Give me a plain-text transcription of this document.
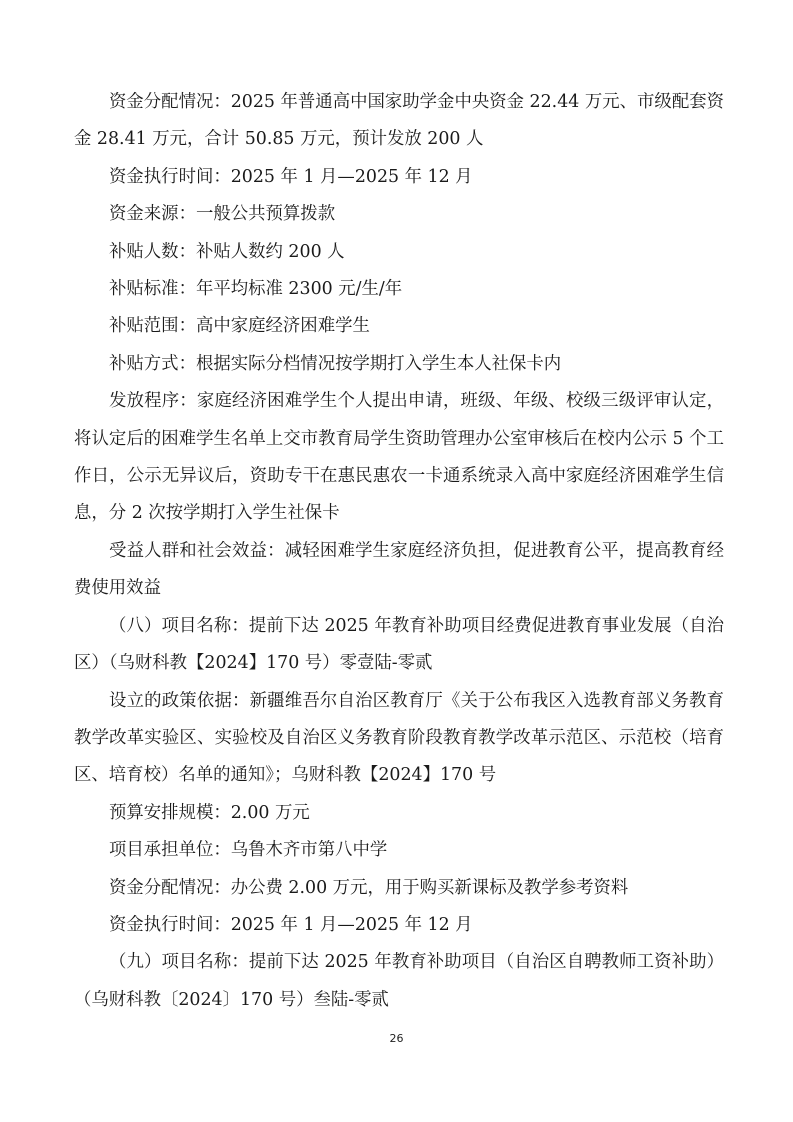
资金分配情况：2025 年普通高中国家助学金中央资金 22.44 万元、市级配套资金 28.41 万元，合计 50.85 万元，预计发放 200 人

资金执行时间：2025 年 1 月—2025 年 12 月

资金来源：一般公共预算拨款

补贴人数：补贴人数约 200 人

补贴标准：年平均标准 2300 元/生/年

补贴范围：高中家庭经济困难学生

补贴方式：根据实际分档情况按学期打入学生本人社保卡内

发放程序：家庭经济困难学生个人提出申请，班级、年级、校级三级评审认定，将认定后的困难学生名单上交市教育局学生资助管理办公室审核后在校内公示 5 个工作日，公示无异议后，资助专干在惠民惠农一卡通系统录入高中家庭经济困难学生信息，分 2 次按学期打入学生社保卡

受益人群和社会效益：减轻困难学生家庭经济负担，促进教育公平，提高教育经费使用效益

（八）项目名称：提前下达 2025 年教育补助项目经费促进教育事业发展（自治区）（乌财科教【2024】170 号）零壹陆-零贰

设立的政策依据：新疆维吾尔自治区教育厅《关于公布我区入选教育部义务教育教学改革实验区、实验校及自治区义务教育阶段教育教学改革示范区、示范校（培育区、培育校）名单的通知》；乌财科教【2024】170 号

预算安排规模：2.00 万元

项目承担单位：乌鲁木齐市第八中学

资金分配情况：办公费 2.00 万元，用于购买新课标及教学参考资料

资金执行时间：2025 年 1 月—2025 年 12 月

（九）项目名称：提前下达 2025 年教育补助项目（自治区自聘教师工资补助）（乌财科教〔2024〕170 号）叁陆-零贰

26
